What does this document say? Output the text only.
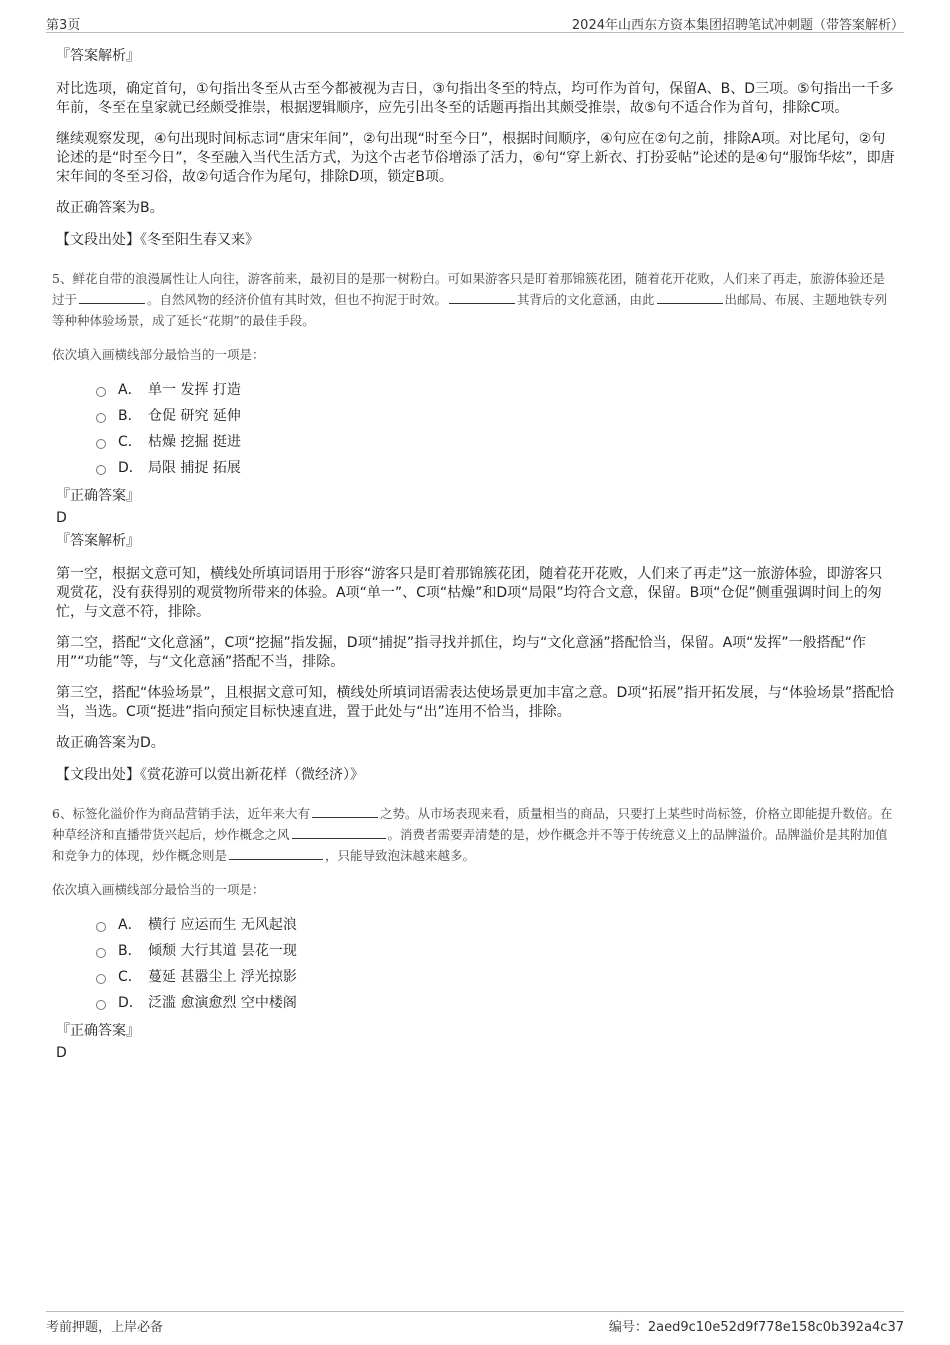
第3页	2024年山西东方资本集团招聘笔试冲刺题（带答案解析）

『答案解析』

对比选项，确定首句，①句指出冬至从古至今都被视为吉日，③句指出冬至的特点，均可作为首句，保留A、B、D三项。⑤句指出一千多年前，冬至在皇家就已经颇受推崇，根据逻辑顺序，应先引出冬至的话题再指出其颇受推崇，故⑤句不适合作为首句，排除C项。

继续观察发现，④句出现时间标志词“唐宋年间”，②句出现“时至今日”，根据时间顺序，④句应在②句之前，排除A项。对比尾句，②句论述的是“时至今日”，冬至融入当代生活方式，为这个古老节俗增添了活力，⑥句“穿上新衣、打扮妥帖”论述的是④句“服饰华炫”，即唐宋年间的冬至习俗，故②句适合作为尾句，排除D项，锁定B项。

故正确答案为B。

【文段出处】《冬至阳生春又来》

5、鲜花自带的浪漫属性让人向往，游客前来，最初目的是那一树粉白。可如果游客只是盯着那锦簇花团，随着花开花败，人们来了再走，旅游体验还是过于	。自然风物的经济价值有其时效，但也不拘泥于时效。	其背后的文化意涵，由此	出邮局、布展、主题地铁专列等种种体验场景，成了延长“花期”的最佳手段。

依次填入画横线部分最恰当的一项是：

A． 单一 发挥 打造
B． 仓促 研究 延伸
C． 枯燥 挖掘 挺进
D． 局限 捕捉 拓展

『正确答案』

D

『答案解析』

第一空，根据文意可知，横线处所填词语用于形容“游客只是盯着那锦簇花团，随着花开花败，人们来了再走”这一旅游体验，即游客只观赏花，没有获得别的观赏物所带来的体验。A项“单一”、C项“枯燥”和D项“局限”均符合文意，保留。B项“仓促”侧重强调时间上的匆忙，与文意不符，排除。

第二空，搭配“文化意涵”，C项“挖掘”指发掘，D项“捕捉”指寻找并抓住，均与“文化意涵”搭配恰当，保留。A项“发挥”一般搭配“作用”“功能”等，与“文化意涵”搭配不当，排除。

第三空，搭配“体验场景”，且根据文意可知，横线处所填词语需表达使场景更加丰富之意。D项“拓展”指开拓发展，与“体验场景”搭配恰当，当选。C项“挺进”指向预定目标快速直进，置于此处与“出”连用不恰当，排除。

故正确答案为D。

【文段出处】《赏花游可以赏出新花样（微经济）》

6、标签化溢价作为商品营销手法，近年来大有	之势。从市场表现来看，质量相当的商品，只要打上某些时尚标签，价格立即能提升数倍。在种草经济和直播带货兴起后，炒作概念之风	。消费者需要弄清楚的是，炒作概念并不等于传统意义上的品牌溢价。品牌溢价是其附加值和竞争力的体现，炒作概念则是	，只能导致泡沫越来越多。

依次填入画横线部分最恰当的一项是：

A． 横行 应运而生 无风起浪
B． 倾颓 大行其道 昙花一现
C． 蔓延 甚嚣尘上 浮光掠影
D． 泛滥 愈演愈烈 空中楼阁

『正确答案』

D

考前押题，上岸必备	编号：2aed9c10e52d9f778e158c0b392a4c37
